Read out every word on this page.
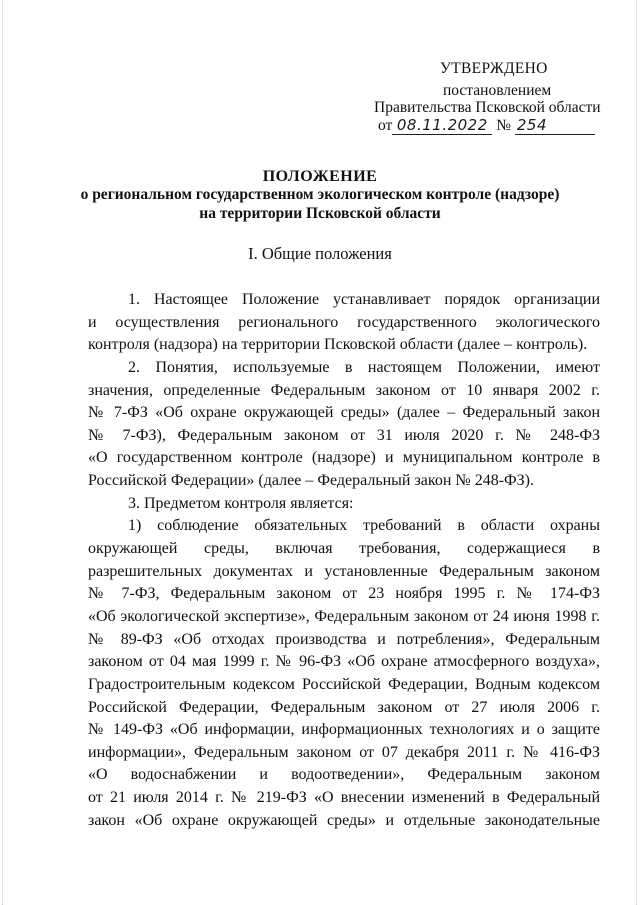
УТВЕРЖДЕНО
постановлением
Правительства Псковской области
от 08.11.2022 № 254
ПОЛОЖЕНИЕ
о региональном государственном экологическом контроле (надзоре)
на территории Псковской области
I. Общие положения
1. Настоящее Положение устанавливает порядок организации
и осуществления регионального государственного экологического
контроля (надзора) на территории Псковской области (далее – контроль).
2. Понятия, используемые в настоящем Положении, имеют
значения, определенные Федеральным законом от 10 января 2002 г.
№ 7-ФЗ «Об охране окружающей среды» (далее – Федеральный закон
№ 7-ФЗ), Федеральным законом от 31 июля 2020 г. № 248-ФЗ
«О государственном контроле (надзоре) и муниципальном контроле в
Российской Федерации» (далее – Федеральный закон № 248-ФЗ).
3. Предметом контроля является:
1) соблюдение обязательных требований в области охраны
окружающей среды, включая требования, содержащиеся в
разрешительных документах и установленные Федеральным законом
№ 7-ФЗ, Федеральным законом от 23 ноября 1995 г. № 174-ФЗ
«Об экологической экспертизе», Федеральным законом от 24 июня 1998 г.
№ 89-ФЗ «Об отходах производства и потребления», Федеральным
законом от 04 мая 1999 г. № 96-ФЗ «Об охране атмосферного воздуха»,
Градостроительным кодексом Российской Федерации, Водным кодексом
Российской Федерации, Федеральным законом от 27 июля 2006 г.
№ 149-ФЗ «Об информации, информационных технологиях и о защите
информации», Федеральным законом от 07 декабря 2011 г. № 416-ФЗ
«О водоснабжении и водоотведении», Федеральным законом
от 21 июля 2014 г. № 219-ФЗ «О внесении изменений в Федеральный
закон «Об охране окружающей среды» и отдельные законодательные
